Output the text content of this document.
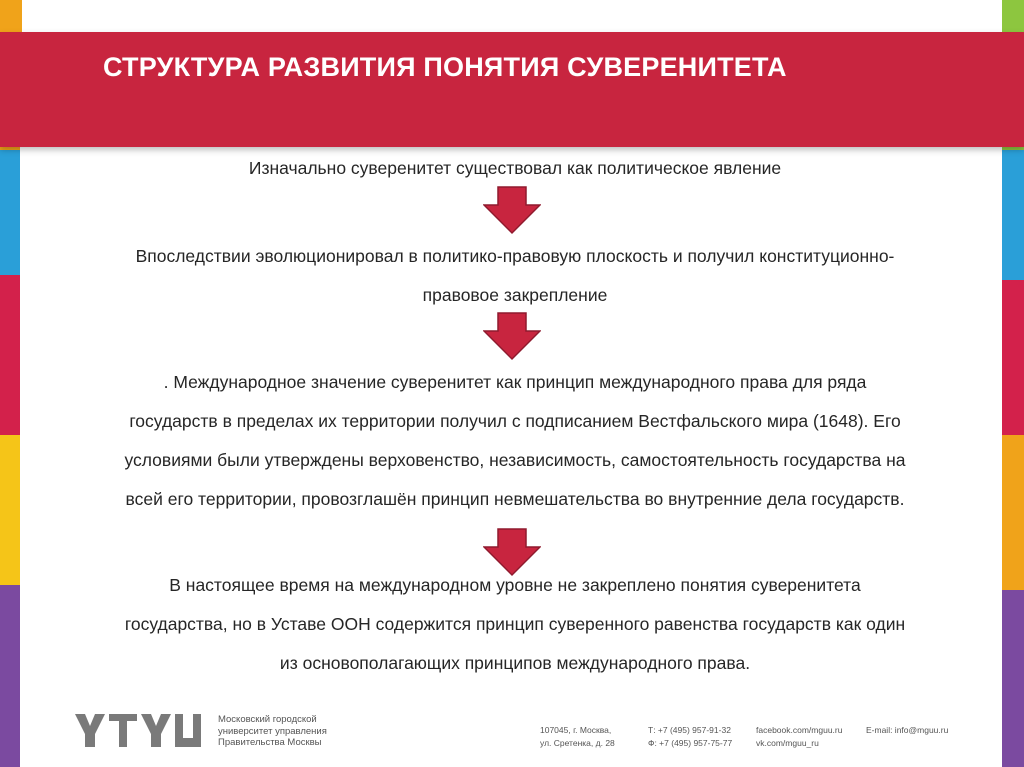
СТРУКТУРА РАЗВИТИЯ ПОНЯТИЯ СУВЕРЕНИТЕТА
Изначально суверенитет существовал как политическое явление
Впоследствии эволюционировал в политико-правовую плоскость и получил конституционно-
правовое закрепление
. Международное значение суверенитет как принцип международного права для ряда
государств в пределах их территории получил с подписанием Вестфальского мира (1648). Его
условиями были утверждены верховенство, независимость, самостоятельность государства на
всей его территории, провозглашён принцип невмешательства во внутренние дела государств.
В настоящее время на международном уровне не закреплено понятия суверенитета
государства, но в Уставе ООН содержится принцип суверенного равенства государств как один
из основополагающих принципов международного права.
Московский городской
университет управления
Правительства Москвы
107045, г. Москва,
ул. Сретенка, д. 28
Т: +7 (495) 957-91-32
Ф: +7 (495) 957-75-77
facebook.com/mguu.ru
vk.com/mguu_ru
E-mail: info@mguu.ru
